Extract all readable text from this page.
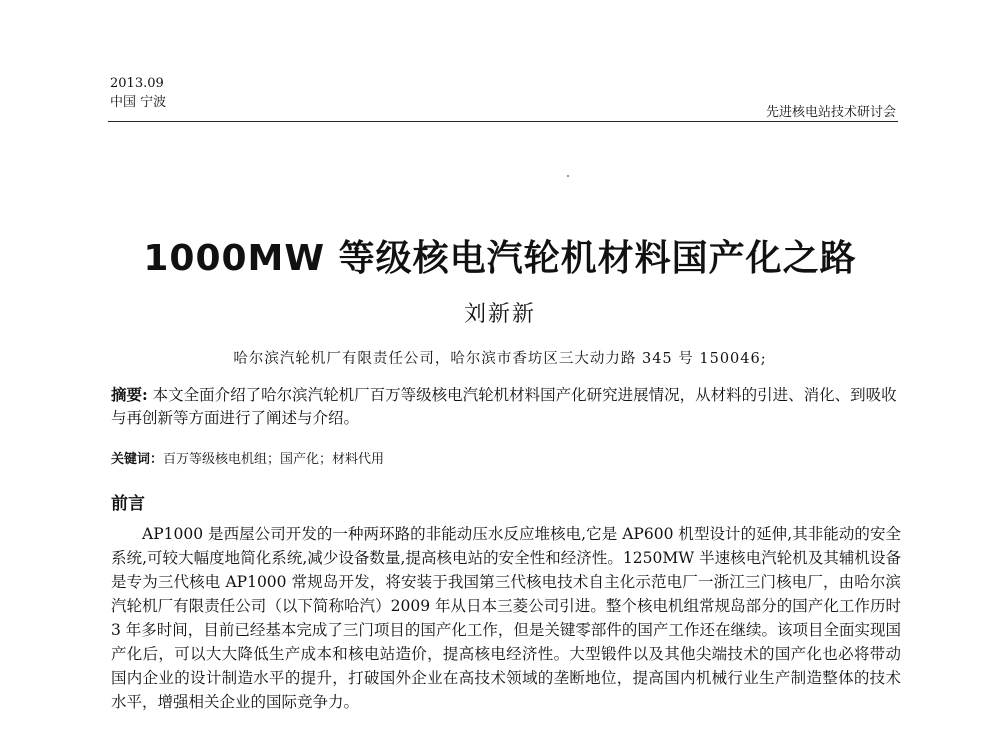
2013.09
中国 宁波
先进核电站技术研讨会
1000MW 等级核电汽轮机材料国产化之路
刘新新
哈尔滨汽轮机厂有限责任公司，哈尔滨市香坊区三大动力路 345 号 150046;
摘要: 本文全面介绍了哈尔滨汽轮机厂百万等级核电汽轮机材料国产化研究进展情况，从材料的引进、消化、到吸收与再创新等方面进行了阐述与介绍。
关键词：百万等级核电机组；国产化；材料代用
前言

AP1000 是西屋公司开发的一种两环路的非能动压水反应堆核电,它是 AP600 机型设计的延伸,其非能动的安全系统,可较大幅度地简化系统,减少设备数量,提高核电站的安全性和经济性。1250MW 半速核电汽轮机及其辅机设备是专为三代核电 AP1000 常规岛开发，将安装于我国第三代核电技术自主化示范电厂一浙江三门核电厂，由哈尔滨汽轮机厂有限责任公司（以下简称哈汽）2009 年从日本三菱公司引进。整个核电机组常规岛部分的国产化工作历时 3 年多时间，目前已经基本完成了三门项目的国产化工作，但是关键零部件的国产工作还在继续。该项目全面实现国产化后，可以大大降低生产成本和核电站造价，提高核电经济性。大型锻件以及其他尖端技术的国产化也必将带动国内企业的设计制造水平的提升，打破国外企业在高技术领域的垄断地位，提高国内机械行业生产制造整体的技术水平，增强相关企业的国际竞争力。
